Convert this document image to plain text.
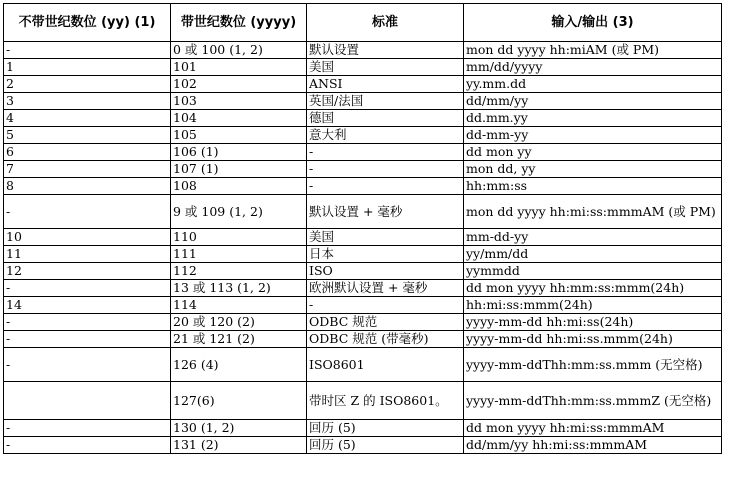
不带世纪数位 (yy) (1)	带世纪数位 (yyyy)	标准	输入/输出 (3)
-	0 或 100 (1, 2)	默认设置	mon dd yyyy hh:miAM (或 PM)
1	101	美国	mm/dd/yyyy
2	102	ANSI	yy.mm.dd
3	103	英国/法国	dd/mm/yy
4	104	德国	dd.mm.yy
5	105	意大利	dd-mm-yy
6	106 (1)	-	dd mon yy
7	107 (1)	-	mon dd, yy
8	108	-	hh:mm:ss
-	9 或 109 (1, 2)	默认设置 + 毫秒	mon dd yyyy hh:mi:ss:mmmAM (或 PM)
10	110	美国	mm-dd-yy
11	111	日本	yy/mm/dd
12	112	ISO	yymmdd
-	13 或 113 (1, 2)	欧洲默认设置 + 毫秒	dd mon yyyy hh:mm:ss:mmm(24h)
14	114	-	hh:mi:ss:mmm(24h)
-	20 或 120 (2)	ODBC 规范	yyyy-mm-dd hh:mi:ss(24h)
-	21 或 121 (2)	ODBC 规范 (带毫秒)	yyyy-mm-dd hh:mi:ss.mmm(24h)
-	126 (4)	ISO8601	yyyy-mm-ddThh:mm:ss.mmm (无空格)
	127(6)	带时区 Z 的 ISO8601。	yyyy-mm-ddThh:mm:ss.mmmZ (无空格)
-	130 (1, 2)	回历 (5)	dd mon yyyy hh:mi:ss:mmmAM
-	131 (2)	回历 (5)	dd/mm/yy hh:mi:ss:mmmAM
